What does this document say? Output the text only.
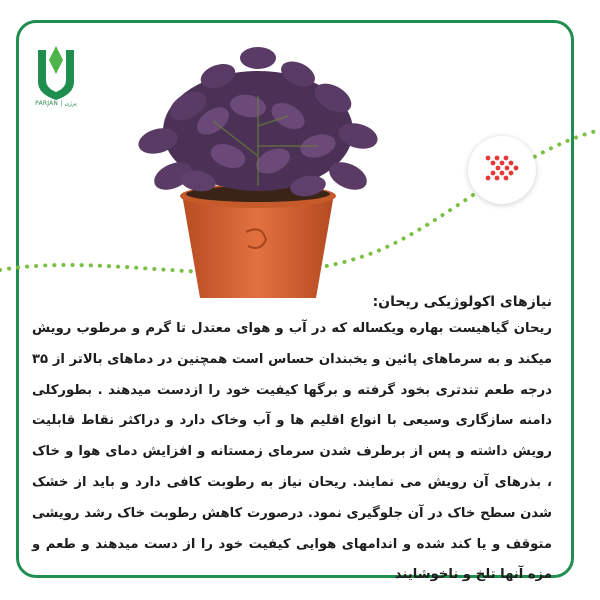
PARJAN | پرژن
نیازهای اکولوژیکی ریحان:
ریحان گیاهیست بهاره ویکساله که در آب و هوای معتدل تا گرم و مرطوب رویش میکند و به سرماهای پائین و یخبندان حساس است همچنین در دماهای بالاتر از ۳۵ درجه طعم تندتری بخود گرفته و برگها کیفیت خود را ازدست میدهند . بطورکلی دامنه سازگاری وسیعی با انواع اقلیم ها و آب وخاک دارد و دراکثر نقاط قابلیت رویش داشته و پس از برطرف شدن سرمای زمستانه و افزایش دمای هوا و خاک ، بذرهای آن رویش می نمایند. ریحان نیاز به رطوبت کافی دارد و باید از خشک شدن سطح خاک در آن جلوگیری نمود. درصورت کاهش رطوبت خاک رشد رویشی متوقف و یا کند شده و اندامهای هوایی کیفیت خود را از دست میدهند و طعم و مزه آنها تلخ و ناخوشایند
